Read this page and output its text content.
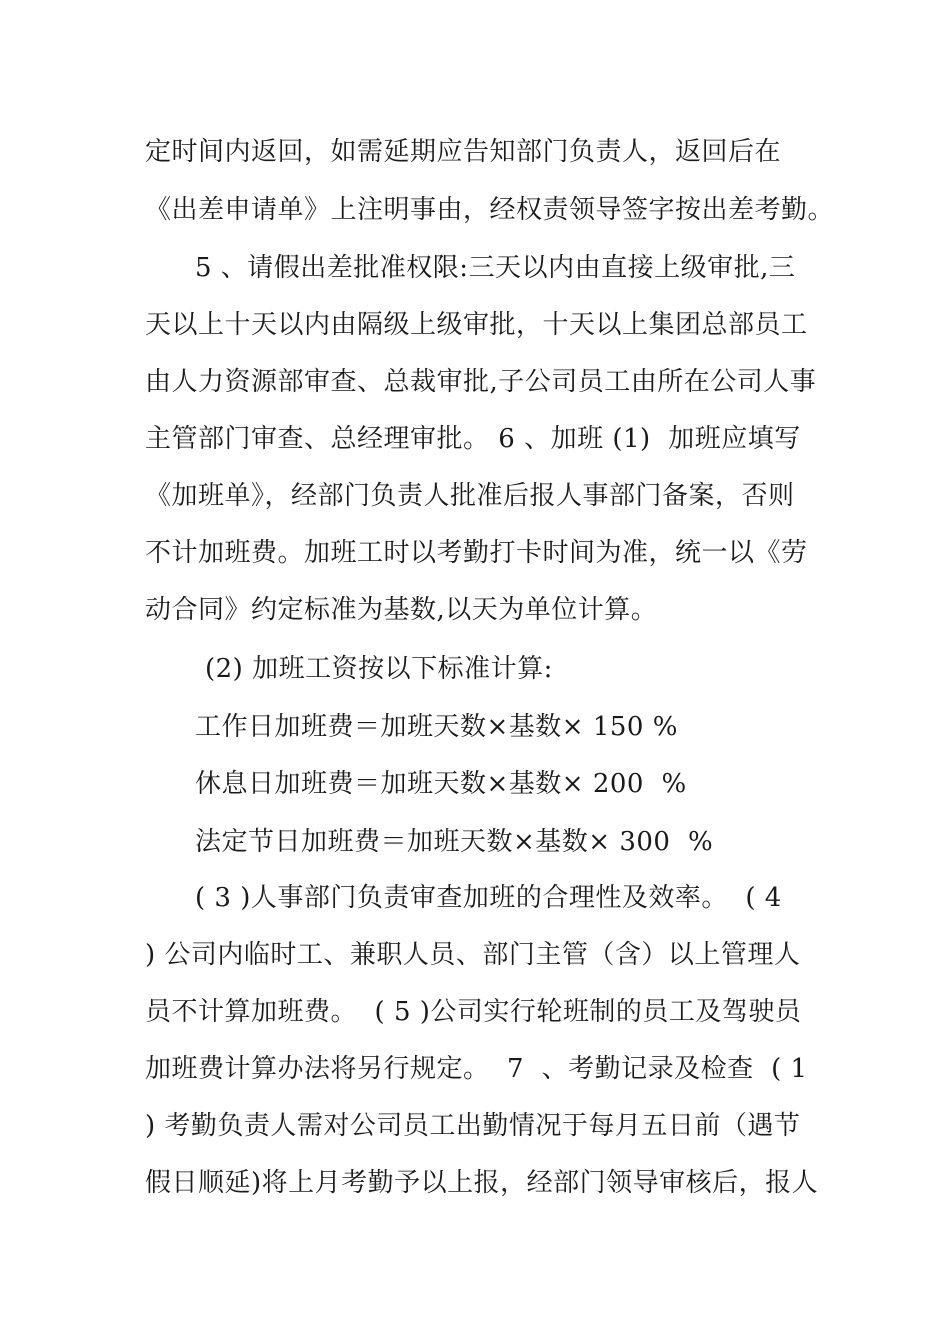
定时间内返回，如需延期应告知部门负责人，返回后在
《出差申请单》上注明事由，经权责领导签字按出差考勤。
5 、请假出差批准权限:三天以内由直接上级审批,三
天以上十天以内由隔级上级审批，十天以上集团总部员工
由人力资源部审查、总裁审批,子公司员工由所在公司人事
主管部门审查、总经理审批。 6 、加班 (1)  加班应填写
《加班单》，经部门负责人批准后报人事部门备案，否则
不计加班费。加班工时以考勤打卡时间为准，统一以《劳
动合同》约定标准为基数,以天为单位计算。
(2) 加班工资按以下标准计算:
工作日加班费＝加班天数×基数× 150 %
休息日加班费＝加班天数×基数× 200  %
法定节日加班费＝加班天数×基数× 300  %
( 3 )人事部门负责审查加班的合理性及效率。  ( 4
) 公司内临时工、兼职人员、部门主管（含）以上管理人
员不计算加班费。  ( 5 )公司实行轮班制的员工及驾驶员
加班费计算办法将另行规定。  7  、考勤记录及检查  ( 1
) 考勤负责人需对公司员工出勤情况于每月五日前（遇节
假日顺延)将上月考勤予以上报，经部门领导审核后，报人
